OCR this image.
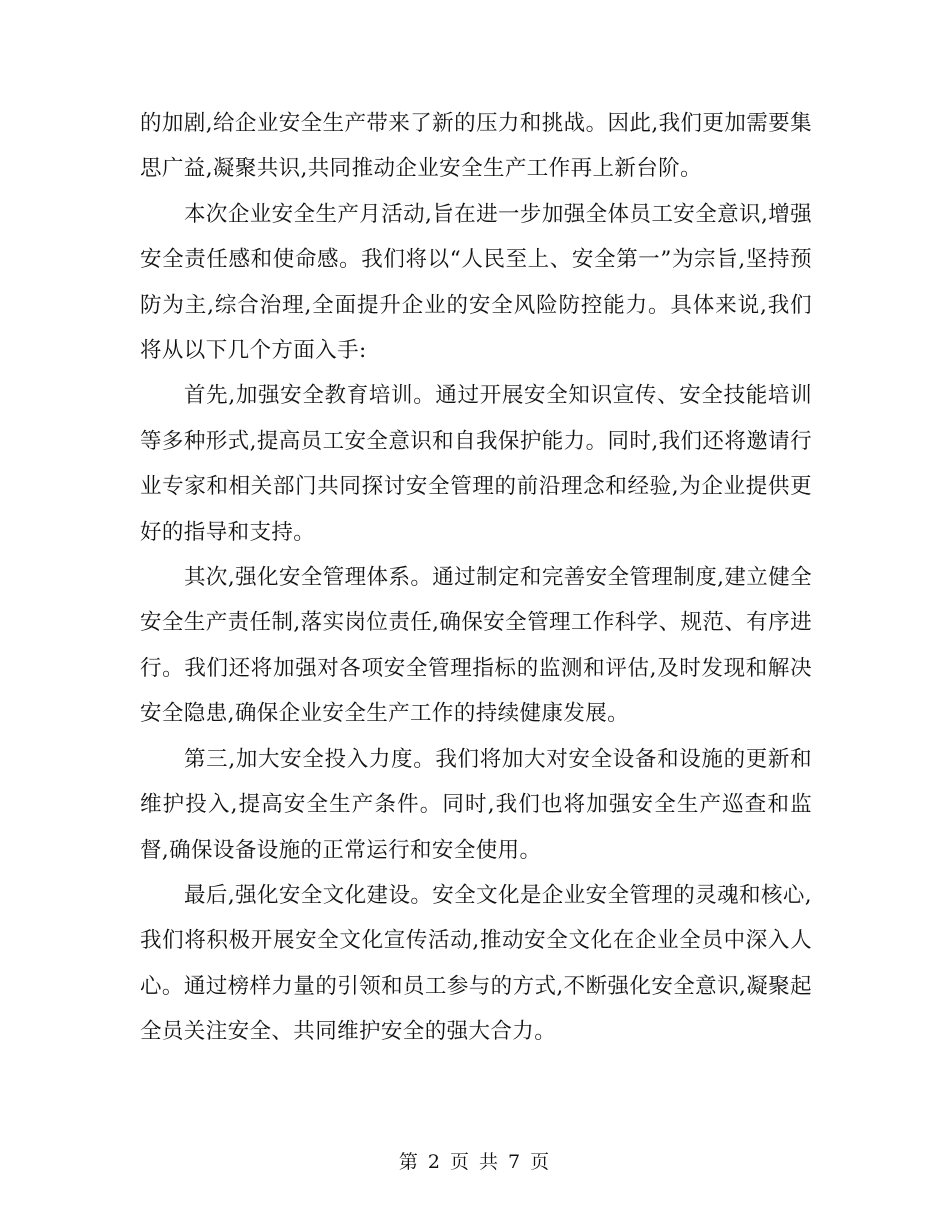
的加剧,给企业安全生产带来了新的压力和挑战。因此,我们更加需要集思广益,凝聚共识,共同推动企业安全生产工作再上新台阶。

本次企业安全生产月活动,旨在进一步加强全体员工安全意识,增强安全责任感和使命感。我们将以“人民至上、安全第一”为宗旨,坚持预防为主,综合治理,全面提升企业的安全风险防控能力。具体来说,我们将从以下几个方面入手:

首先,加强安全教育培训。通过开展安全知识宣传、安全技能培训等多种形式,提高员工安全意识和自我保护能力。同时,我们还将邀请行业专家和相关部门共同探讨安全管理的前沿理念和经验,为企业提供更好的指导和支持。

其次,强化安全管理体系。通过制定和完善安全管理制度,建立健全安全生产责任制,落实岗位责任,确保安全管理工作科学、规范、有序进行。我们还将加强对各项安全管理指标的监测和评估,及时发现和解决安全隐患,确保企业安全生产工作的持续健康发展。

第三,加大安全投入力度。我们将加大对安全设备和设施的更新和维护投入,提高安全生产条件。同时,我们也将加强安全生产巡查和监督,确保设备设施的正常运行和安全使用。

最后,强化安全文化建设。安全文化是企业安全管理的灵魂和核心,我们将积极开展安全文化宣传活动,推动安全文化在企业全员中深入人心。通过榜样力量的引领和员工参与的方式,不断强化安全意识,凝聚起全员关注安全、共同维护安全的强大合力。

第 2 页 共 7 页
